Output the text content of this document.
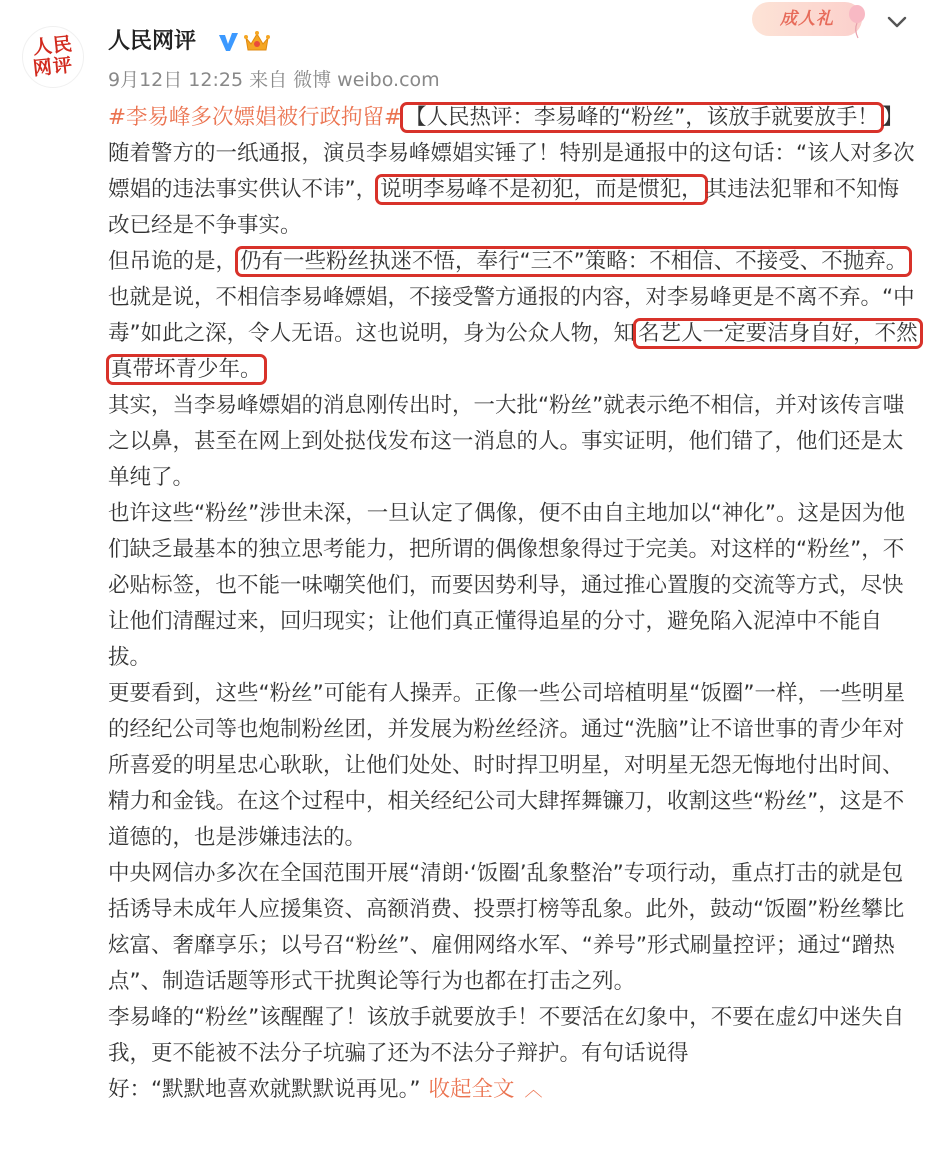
人民
网评
人民网评
成人礼
9月12日 12:25 来自 微博 weibo.com

#李易峰多次嫖娼被行政拘留# 【人民热评：李易峰的“粉丝”，该放手就要放手！ 】随着警方的一纸通报，演员李易峰嫖娼实锤了！特别是通报中的这句话：“该人对多次嫖娼的违法事实供认不讳”， 说明李易峰不是初犯，而是惯犯， 其违法犯罪和不知悔改已经是不争事实。

但吊诡的是， 仍有一些粉丝执迷不悟，奉行“三不”策略：不相信、不接受、不抛弃。也就是说，不相信李易峰嫖娼，不接受警方通报的内容，对李易峰更是不离不弃。“中毒”如此之深，令人无语。这也说明，身为公众人物，知 名艺人一定要洁身自好，不然真带坏青少年。

其实，当李易峰嫖娼的消息刚传出时，一大批“粉丝”就表示绝不相信，并对该传言嗤之以鼻，甚至在网上到处挞伐发布这一消息的人。事实证明，他们错了，他们还是太单纯了。

也许这些“粉丝”涉世未深，一旦认定了偶像，便不由自主地加以“神化”。这是因为他们缺乏最基本的独立思考能力，把所谓的偶像想象得过于完美。对这样的“粉丝”，不必贴标签，也不能一味嘲笑他们，而要因势利导，通过推心置腹的交流等方式，尽快让他们清醒过来，回归现实；让他们真正懂得追星的分寸，避免陷入泥淖中不能自拔。

更要看到，这些“粉丝”可能有人操弄。正像一些公司培植明星“饭圈”一样，一些明星的经纪公司等也炮制粉丝团，并发展为粉丝经济。通过“洗脑”让不谙世事的青少年对所喜爱的明星忠心耿耿，让他们处处、时时捍卫明星，对明星无怨无悔地付出时间、精力和金钱。在这个过程中，相关经纪公司大肆挥舞镰刀，收割这些“粉丝”，这是不道德的，也是涉嫌违法的。

中央网信办多次在全国范围开展“清朗·‘饭圈’乱象整治”专项行动，重点打击的就是包括诱导未成年人应援集资、高额消费、投票打榜等乱象。此外，鼓动“饭圈”粉丝攀比炫富、奢靡享乐；以号召“粉丝”、雇佣网络水军、“养号”形式刷量控评；通过“蹭热点”、制造话题等形式干扰舆论等行为也都在打击之列。

李易峰的“粉丝”该醒醒了！该放手就要放手！不要活在幻象中，不要在虚幻中迷失自我，更不能被不法分子坑骗了还为不法分子辩护。有句话说得
好：“默默地喜欢就默默说再见。” 收起全文 ︿
